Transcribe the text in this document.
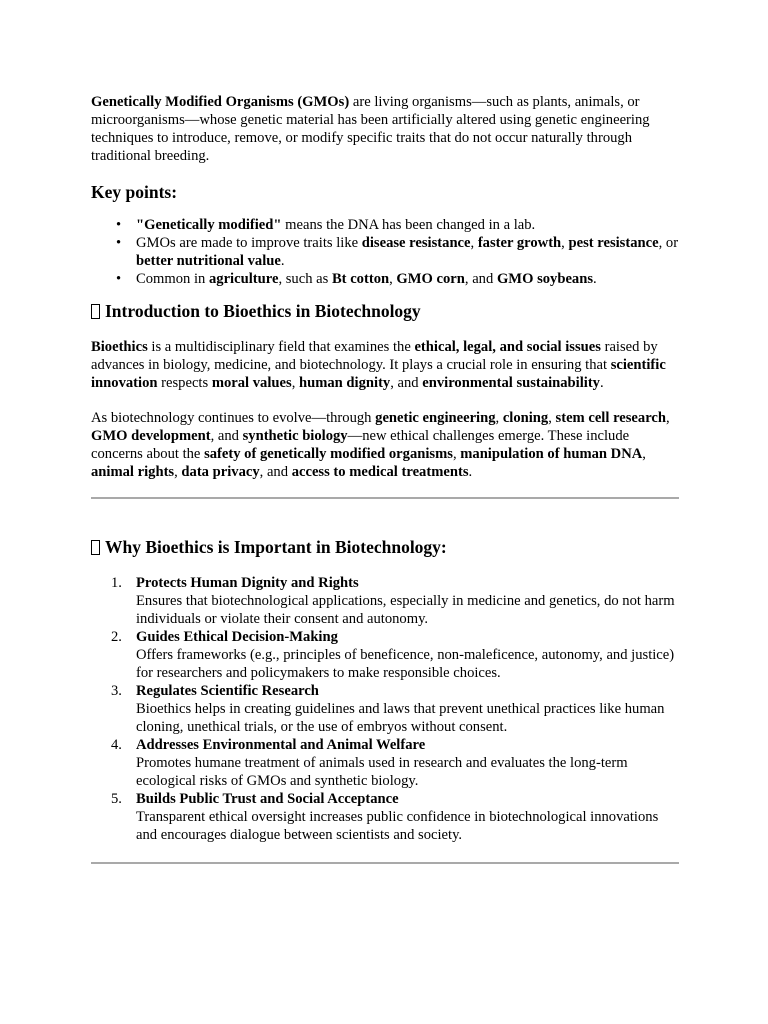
Genetically Modified Organisms (GMOs) are living organisms—such as plants, animals, or microorganisms—whose genetic material has been artificially altered using genetic engineering techniques to introduce, remove, or modify specific traits that do not occur naturally through traditional breeding.

Key points:
• "Genetically modified" means the DNA has been changed in a lab.
• GMOs are made to improve traits like disease resistance, faster growth, pest resistance, or better nutritional value.
• Common in agriculture, such as Bt cotton, GMO corn, and GMO soybeans.
Introduction to Bioethics in Biotechnology

Bioethics is a multidisciplinary field that examines the ethical, legal, and social issues raised by advances in biology, medicine, and biotechnology. It plays a crucial role in ensuring that scientific innovation respects moral values, human dignity, and environmental sustainability.

As biotechnology continues to evolve—through genetic engineering, cloning, stem cell research, GMO development, and synthetic biology—new ethical challenges emerge. These include concerns about the safety of genetically modified organisms, manipulation of human DNA, animal rights, data privacy, and access to medical treatments.

Why Bioethics is Important in Biotechnology:
1. Protects Human Dignity and Rights
Ensures that biotechnological applications, especially in medicine and genetics, do not harm individuals or violate their consent and autonomy.
2. Guides Ethical Decision-Making
Offers frameworks (e.g., principles of beneficence, non-maleficence, autonomy, and justice) for researchers and policymakers to make responsible choices.
3. Regulates Scientific Research
Bioethics helps in creating guidelines and laws that prevent unethical practices like human cloning, unethical trials, or the use of embryos without consent.
4. Addresses Environmental and Animal Welfare
Promotes humane treatment of animals used in research and evaluates the long-term ecological risks of GMOs and synthetic biology.
5. Builds Public Trust and Social Acceptance
Transparent ethical oversight increases public confidence in biotechnological innovations and encourages dialogue between scientists and society.
